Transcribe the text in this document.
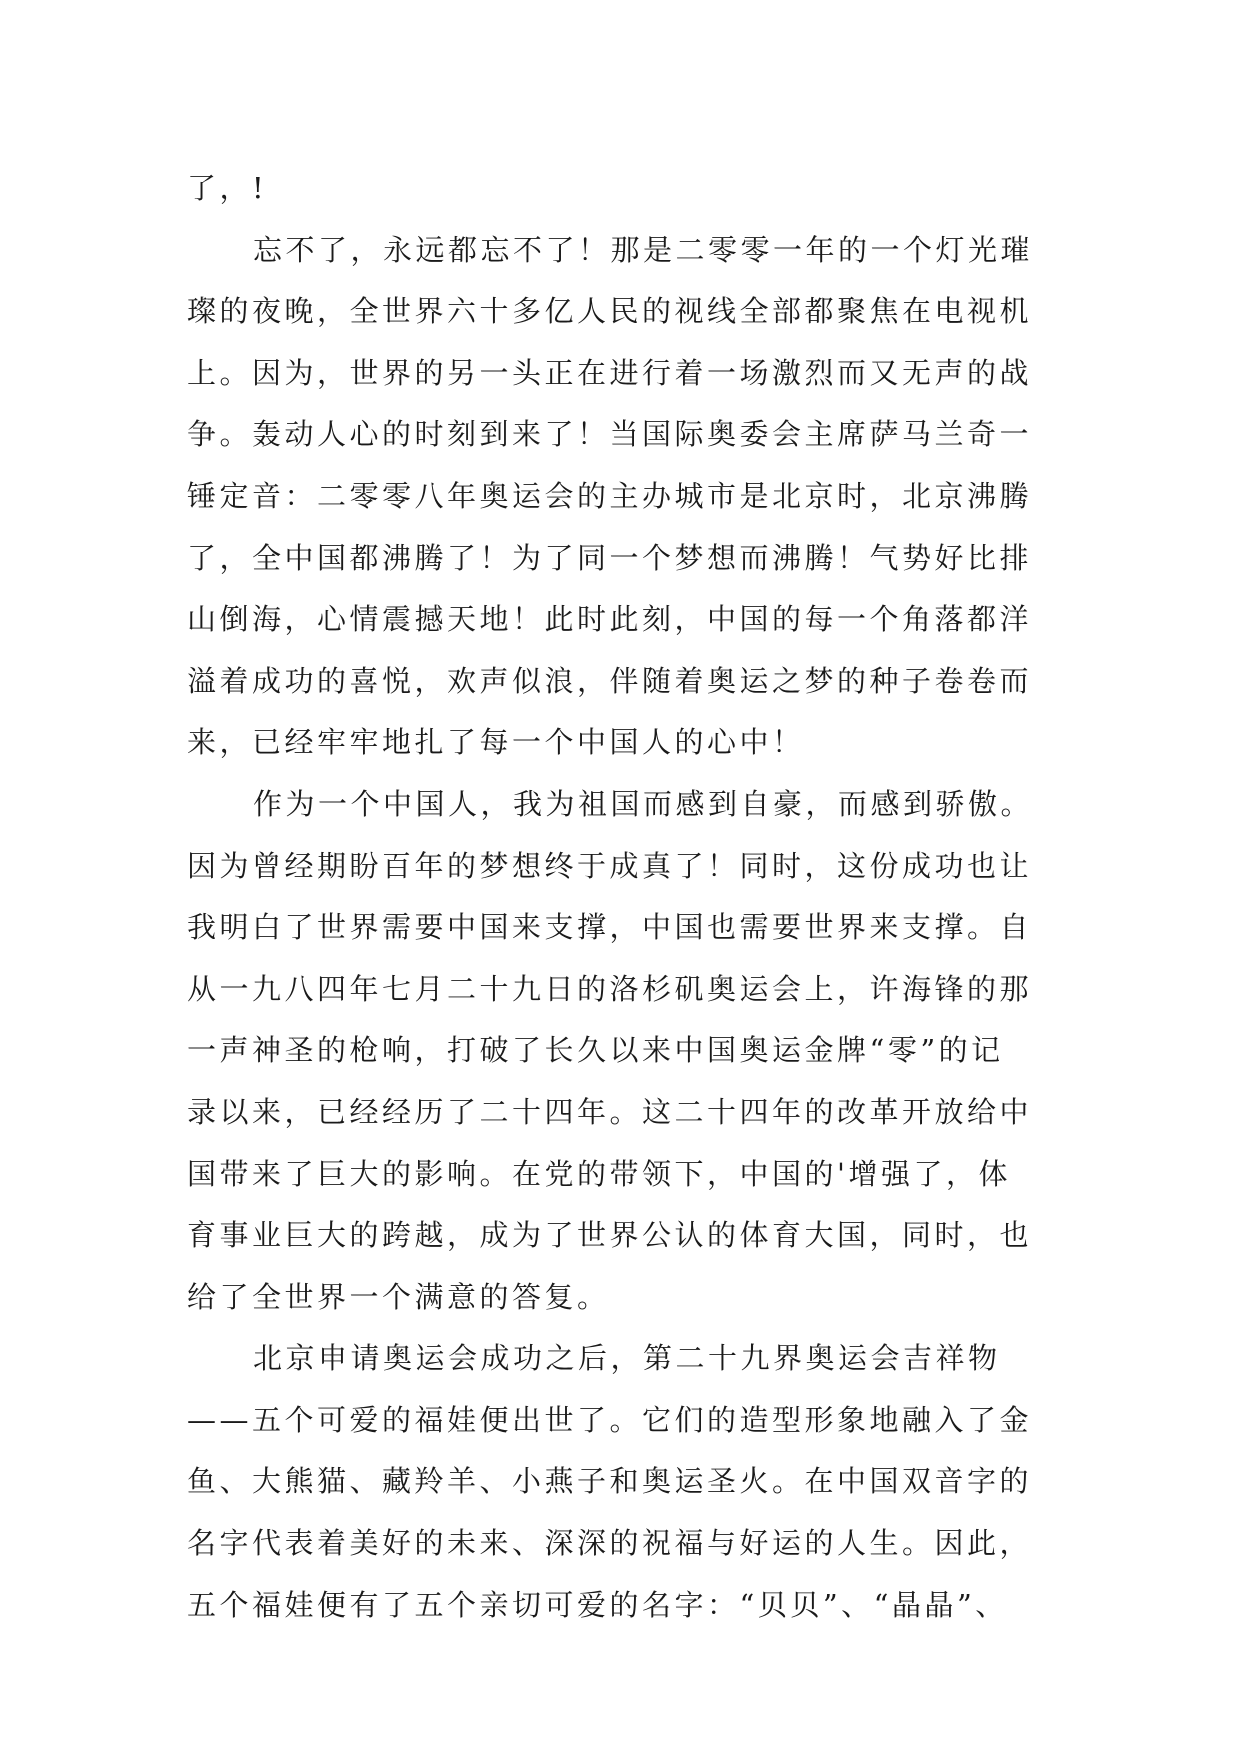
了，!
忘不了，永远都忘不了！那是二零零一年的一个灯光璀
璨的夜晚，全世界六十多亿人民的视线全部都聚焦在电视机
上。因为，世界的另一头正在进行着一场激烈而又无声的战
争。轰动人心的时刻到来了！当国际奥委会主席萨马兰奇一
锤定音：二零零八年奥运会的主办城市是北京时，北京沸腾
了，全中国都沸腾了！为了同一个梦想而沸腾！气势好比排
山倒海，心情震撼天地！此时此刻，中国的每一个角落都洋
溢着成功的喜悦，欢声似浪，伴随着奥运之梦的种子卷卷而
来，已经牢牢地扎了每一个中国人的心中！
作为一个中国人，我为祖国而感到自豪，而感到骄傲。
因为曾经期盼百年的梦想终于成真了！同时，这份成功也让
我明白了世界需要中国来支撑，中国也需要世界来支撑。自
从一九八四年七月二十九日的洛杉矶奥运会上，许海锋的那
一声神圣的枪响，打破了长久以来中国奥运金牌“零”的记
录以来，已经经历了二十四年。这二十四年的改革开放给中
国带来了巨大的影响。在党的带领下，中国的'增强了，体
育事业巨大的跨越，成为了世界公认的体育大国，同时，也
给了全世界一个满意的答复。
北京申请奥运会成功之后，第二十九界奥运会吉祥物
——五个可爱的福娃便出世了。它们的造型形象地融入了金
鱼、大熊猫、藏羚羊、小燕子和奥运圣火。在中国双音字的
名字代表着美好的未来、深深的祝福与好运的人生。因此，
五个福娃便有了五个亲切可爱的名字：“贝贝”、“晶晶”、
